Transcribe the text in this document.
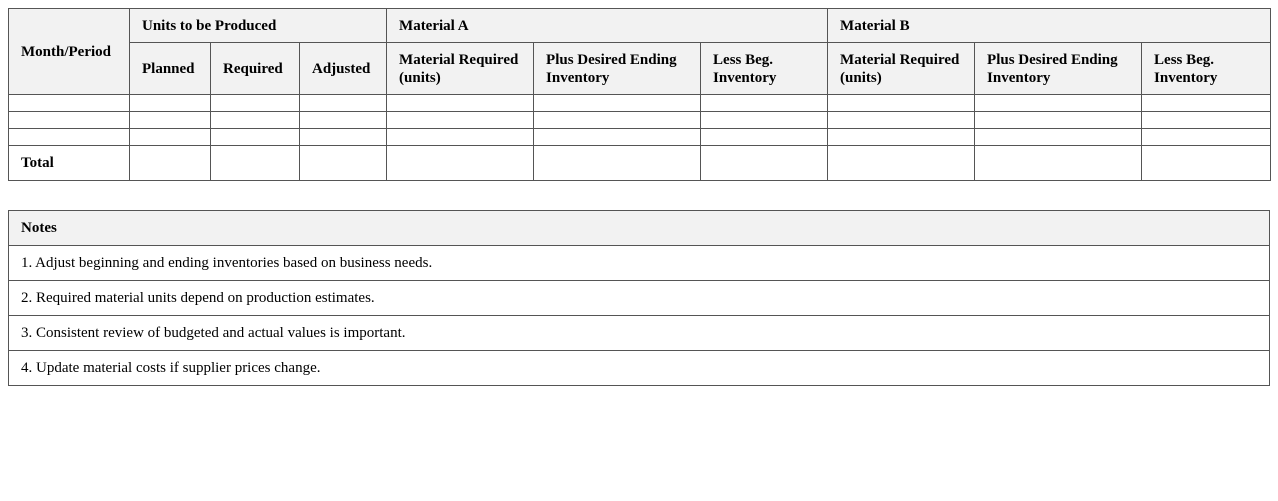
Month/Period	Units to be Produced			Material A			Material B		
	Planned	Required	Adjusted	Material Required (units)	Plus Desired Ending Inventory	Less Beg. Inventory	Material Required (units)	Plus Desired Ending Inventory	Less Beg. Inventory

Total									
Notes
1. Adjust beginning and ending inventories based on business needs.
2. Required material units depend on production estimates.
3. Consistent review of budgeted and actual values is important.
4. Update material costs if supplier prices change.
